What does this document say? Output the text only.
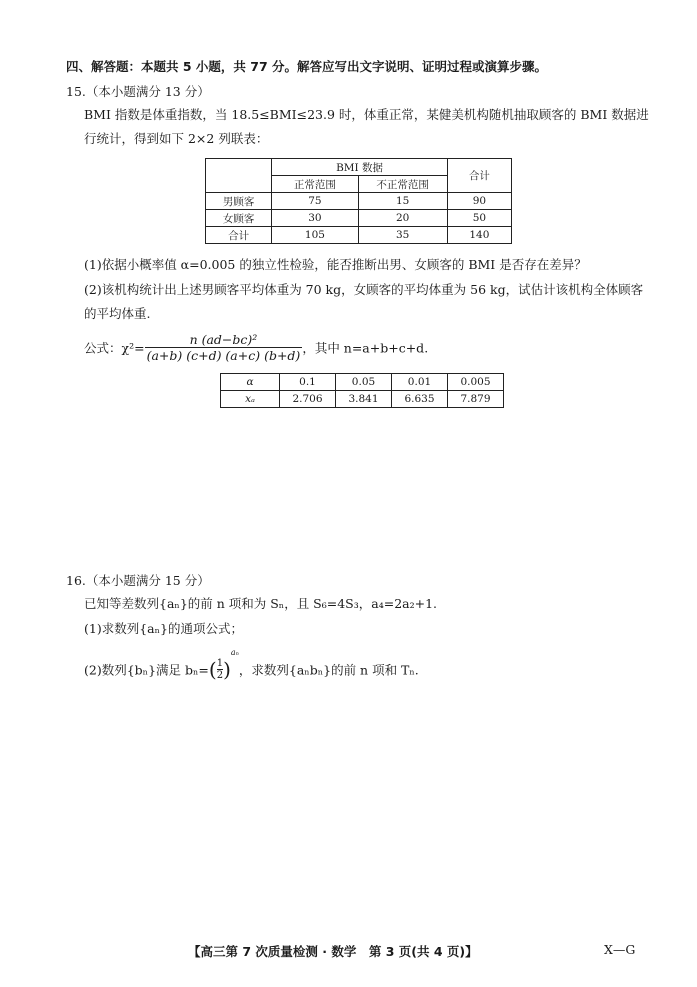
四、解答题：本题共 5 小题，共 77 分。解答应写出文字说明、证明过程或演算步骤。
15.（本小题满分 13 分）
BMI 指数是体重指数，当 18.5≤BMI≤23.9 时，体重正常，某健美机构随机抽取顾客的 BMI 数据进
行统计，得到如下 2×2 列联表：
	BMI 数据		合计
	正常范围	不正常范围	
男顾客	75	15	90
女顾客	30	20	50
合计	105	35	140
(1)依据小概率值 α=0.005 的独立性检验，能否推断出男、女顾客的 BMI 是否存在差异？
(2)该机构统计出上述男顾客平均体重为 70 kg，女顾客的平均体重为 56 kg，试估计该机构全体顾客
的平均体重.
公式：$\chi^2= \frac{\text{n (ad−bc)²}}{(a+b) (c+d) (a+c) (b+d)}$ ，其中 n=a+b+c+d.
α	0.1	0.05	0.01	0.005
xₐ	2.706	3.841	6.635	7.879
16.（本小题满分 15 分）
已知等差数列{aₙ}的前 n 项和为 Sₙ，且 S₆=4S₃，a₄=2a₂+1.
(1)求数列{aₙ}的通项公式；
(2)数列{bₙ}满足 $b_n=( \frac{1}{2} )^{a_n}$，求数列{aₙbₙ}的前 n 项和 Tₙ.
【高三第 7 次质量检测 · 数学　第 3 页(共 4 页)】	X—G
